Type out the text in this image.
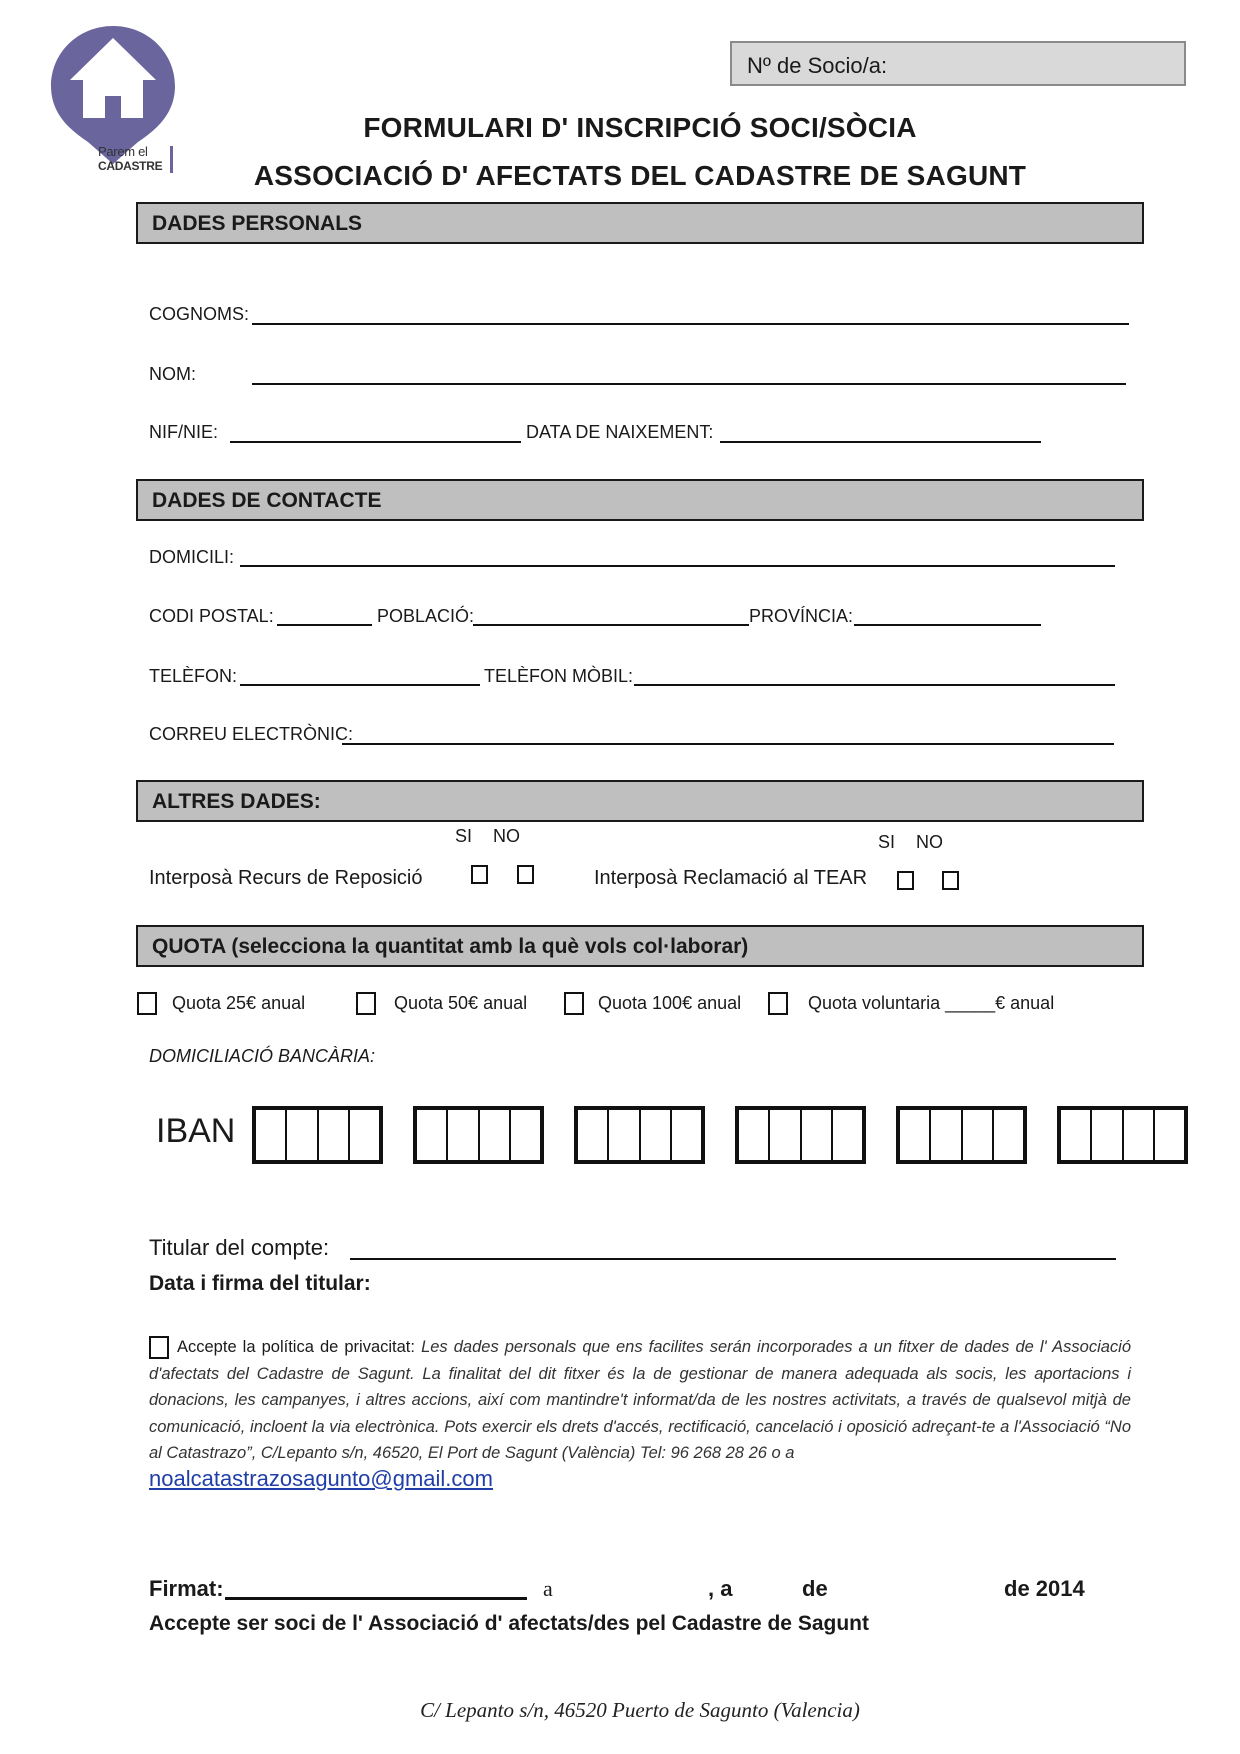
Parem el
CADASTRE
Nº de Socio/a:
FORMULARI D' INSCRIPCIÓ SOCI/SÒCIA
ASSOCIACIÓ D' AFECTATS DEL CADASTRE DE SAGUNT
DADES PERSONALS
COGNOMS:
NOM:
NIF/NIE:	DATA DE NAIXEMENT:
DADES DE CONTACTE
DOMICILI:
CODI POSTAL:	POBLACIÓ:	PROVÍNCIA:
TELÈFON:	TELÈFON MÒBIL:
CORREU ELECTRÒNIC:
ALTRES DADES:
SI NO
Interposà Recurs de Reposició
SI NO
Interposà Reclamació al TEAR
QUOTA (selecciona la quantitat amb la què vols col·laborar)
Quota 25€ anual	Quota 50€ anual	Quota 100€ anual	Quota voluntaria _____€ anual
DOMICILIACIÓ BANCÀRIA:
IBAN
Titular del compte:
Data i firma del titular:
Accepte la política de privacitat: Les dades personals que ens facilites serán incorporades a un fitxer de dades de l' Associació d'afectats del Cadastre de Sagunt. La finalitat del dit fitxer és la de gestionar de manera adequada als socis, les aportacions i donacions, les campanyes, i altres accions, així com mantindre't informat/da de les nostres activitats, a través de qualsevol mitjà de comunicació, incloent la via electrònica. Pots exercir els drets d'accés, rectificació, cancelació i oposició adreçant-te a l'Associació “No al Catastrazo”, C/Lepanto s/n, 46520, El Port de Sagunt (València) Tel: 96 268 28 26 o a
noalcatastrazosagunto@gmail.com
Firmat:	a	, a	de	de 2014
Accepte ser soci de l' Associació d' afectats/des pel Cadastre de Sagunt
C/ Lepanto s/n, 46520 Puerto de Sagunto (Valencia)
